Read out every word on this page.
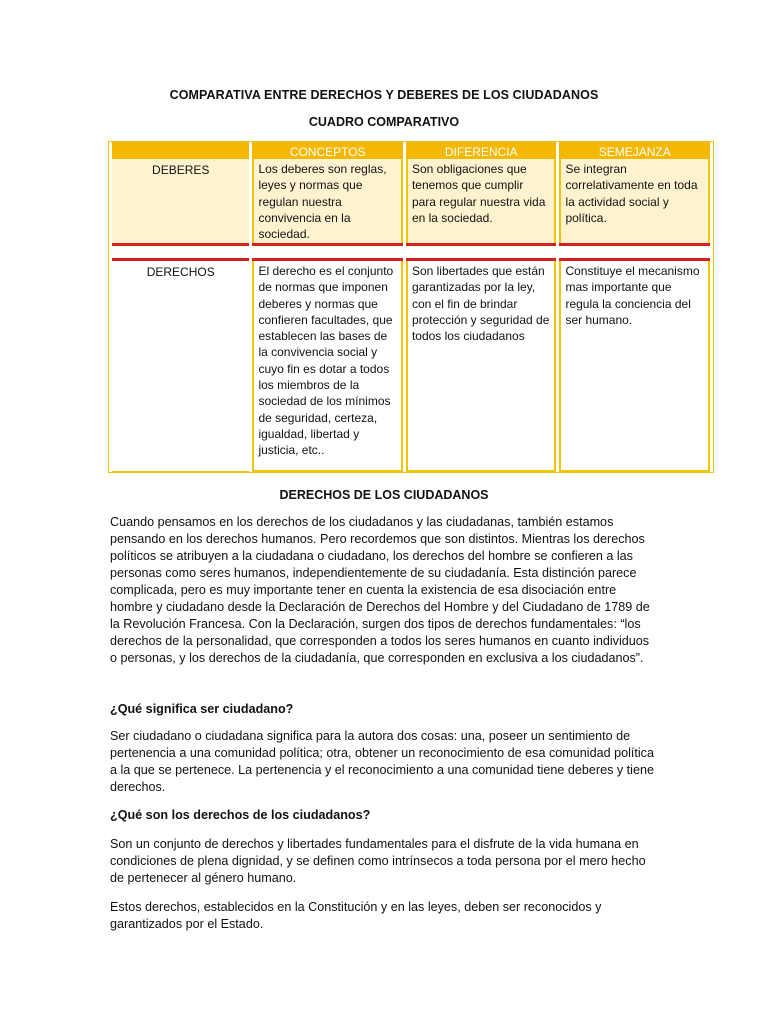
COMPARATIVA ENTRE DERECHOS Y DEBERES DE LOS CIUDADANOS
CUADRO COMPARATIVO
	CONCEPTOS	DIFERENCIA	SEMEJANZA
DEBERES	Los deberes son reglas, leyes y normas que regulan nuestra convivencia en la sociedad.	Son obligaciones que tenemos que cumplir para regular nuestra vida en la sociedad.	Se integran correlativamente en toda la actividad social y política.

DERECHOS	El derecho es el conjunto de normas que imponen deberes y normas que confieren facultades, que establecen las bases de la convivencia social y cuyo fin es dotar a todos los miembros de la sociedad de los mínimos de seguridad, certeza, igualdad, libertad y justicia, etc..	Son libertades que están garantizadas por la ley, con el fin de brindar protección y seguridad de todos los ciudadanos	Constituye el mecanismo mas importante que regula la conciencia del ser humano.
DERECHOS DE LOS CIUDADANOS

Cuando pensamos en los derechos de los ciudadanos y las ciudadanas, también estamos pensando en los derechos humanos. Pero recordemos que son distintos. Mientras los derechos políticos se atribuyen a la ciudadana o ciudadano, los derechos del hombre se confieren a las personas como seres humanos, independientemente de su ciudadanía. Esta distinción parece complicada, pero es muy importante tener en cuenta la existencia de esa disociación entre hombre y ciudadano desde la Declaración de Derechos del Hombre y del Ciudadano de 1789 de la Revolución Francesa. Con la Declaración, surgen dos tipos de derechos fundamentales: “los derechos de la personalidad, que corresponden a todos los seres humanos en cuanto individuos o personas, y los derechos de la ciudadanía, que corresponden en exclusiva a los ciudadanos”.

¿Qué significa ser ciudadano?

Ser ciudadano o ciudadana significa para la autora dos cosas: una, poseer un sentimiento de pertenencia a una comunidad política; otra, obtener un reconocimiento de esa comunidad política a la que se pertenece. La pertenencia y el reconocimiento a una comunidad tiene deberes y tiene derechos.

¿Qué son los derechos de los ciudadanos?

Son un conjunto de derechos y libertades fundamentales para el disfrute de la vida humana en condiciones de plena dignidad, y se definen como intrínsecos a toda persona por el mero hecho de pertenecer al género humano.

Estos derechos, establecidos en la Constitución y en las leyes, deben ser reconocidos y garantizados por el Estado.
